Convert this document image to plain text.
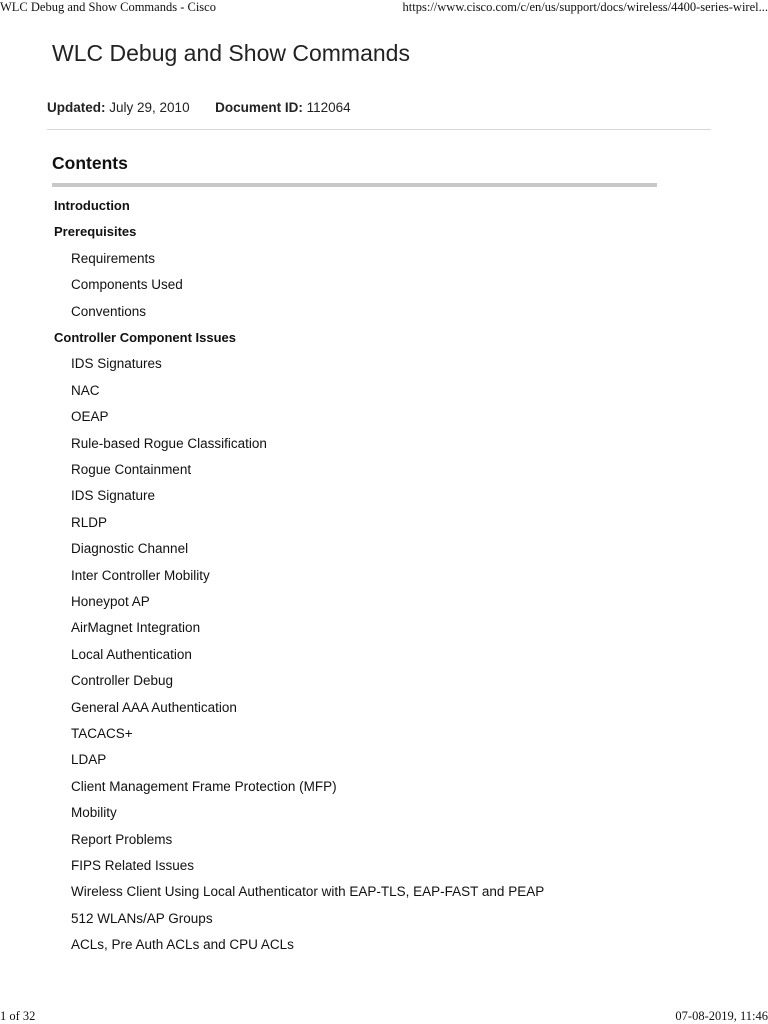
WLC Debug and Show Commands - Cisco	https://www.cisco.com/c/en/us/support/docs/wireless/4400-series-wirel...
WLC Debug and Show Commands
Updated: July 29, 2010 Document ID: 112064
Contents
Introduction
Prerequisites
Requirements
Components Used
Conventions
Controller Component Issues
IDS Signatures
NAC
OEAP
Rule-based Rogue Classification
Rogue Containment
IDS Signature
RLDP
Diagnostic Channel
Inter Controller Mobility
Honeypot AP
AirMagnet Integration
Local Authentication
Controller Debug
General AAA Authentication
TACACS+
LDAP
Client Management Frame Protection (MFP)
Mobility
Report Problems
FIPS Related Issues
Wireless Client Using Local Authenticator with EAP-TLS, EAP-FAST and PEAP
512 WLANs/AP Groups
ACLs, Pre Auth ACLs and CPU ACLs
1 of 32	07-08-2019, 11:46
